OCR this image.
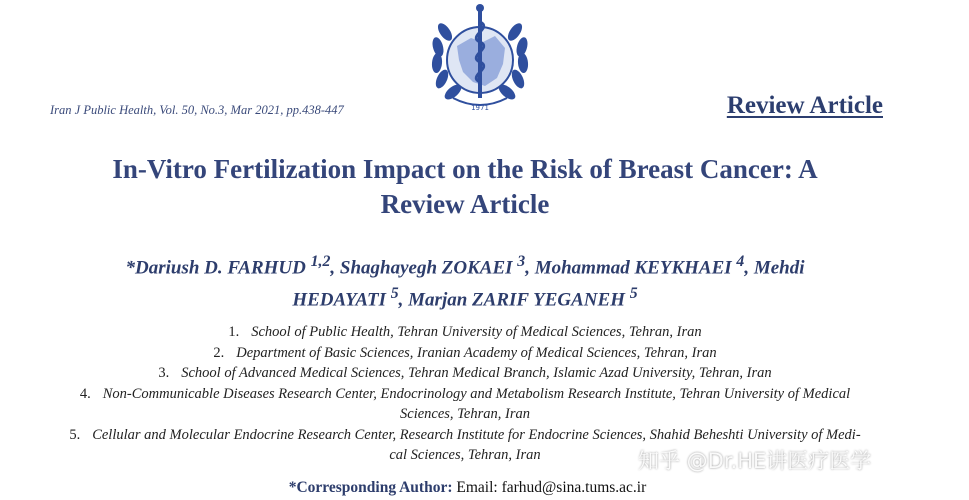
1971
Iran J Public Health, Vol. 50, No.3, Mar 2021, pp.438-447	Review Article
In-Vitro Fertilization Impact on the Risk of Breast Cancer: A
Review Article
*Dariush D. FARHUD $^{1,2}$, Shaghayegh ZOKAEI $^3$, Mohammad KEYKHAEI $^4$, Mehdi
HEDAYATI $^5$, Marjan ZARIF YEGANEH $^5$
1. School of Public Health, Tehran University of Medical Sciences, Tehran, Iran
2. Department of Basic Sciences, Iranian Academy of Medical Sciences, Tehran, Iran
3. School of Advanced Medical Sciences, Tehran Medical Branch, Islamic Azad University, Tehran, Iran
4. Non-Communicable Diseases Research Center, Endocrinology and Metabolism Research Institute, Tehran University of Medical
Sciences, Tehran, Iran
5. Cellular and Molecular Endocrine Research Center, Research Institute for Endocrine Sciences, Shahid Beheshti University of Medi-
cal Sciences, Tehran, Iran
*Corresponding Author: Email: farhud@sina.tums.ac.ir
知乎 @Dr.HE讲医疗医学
